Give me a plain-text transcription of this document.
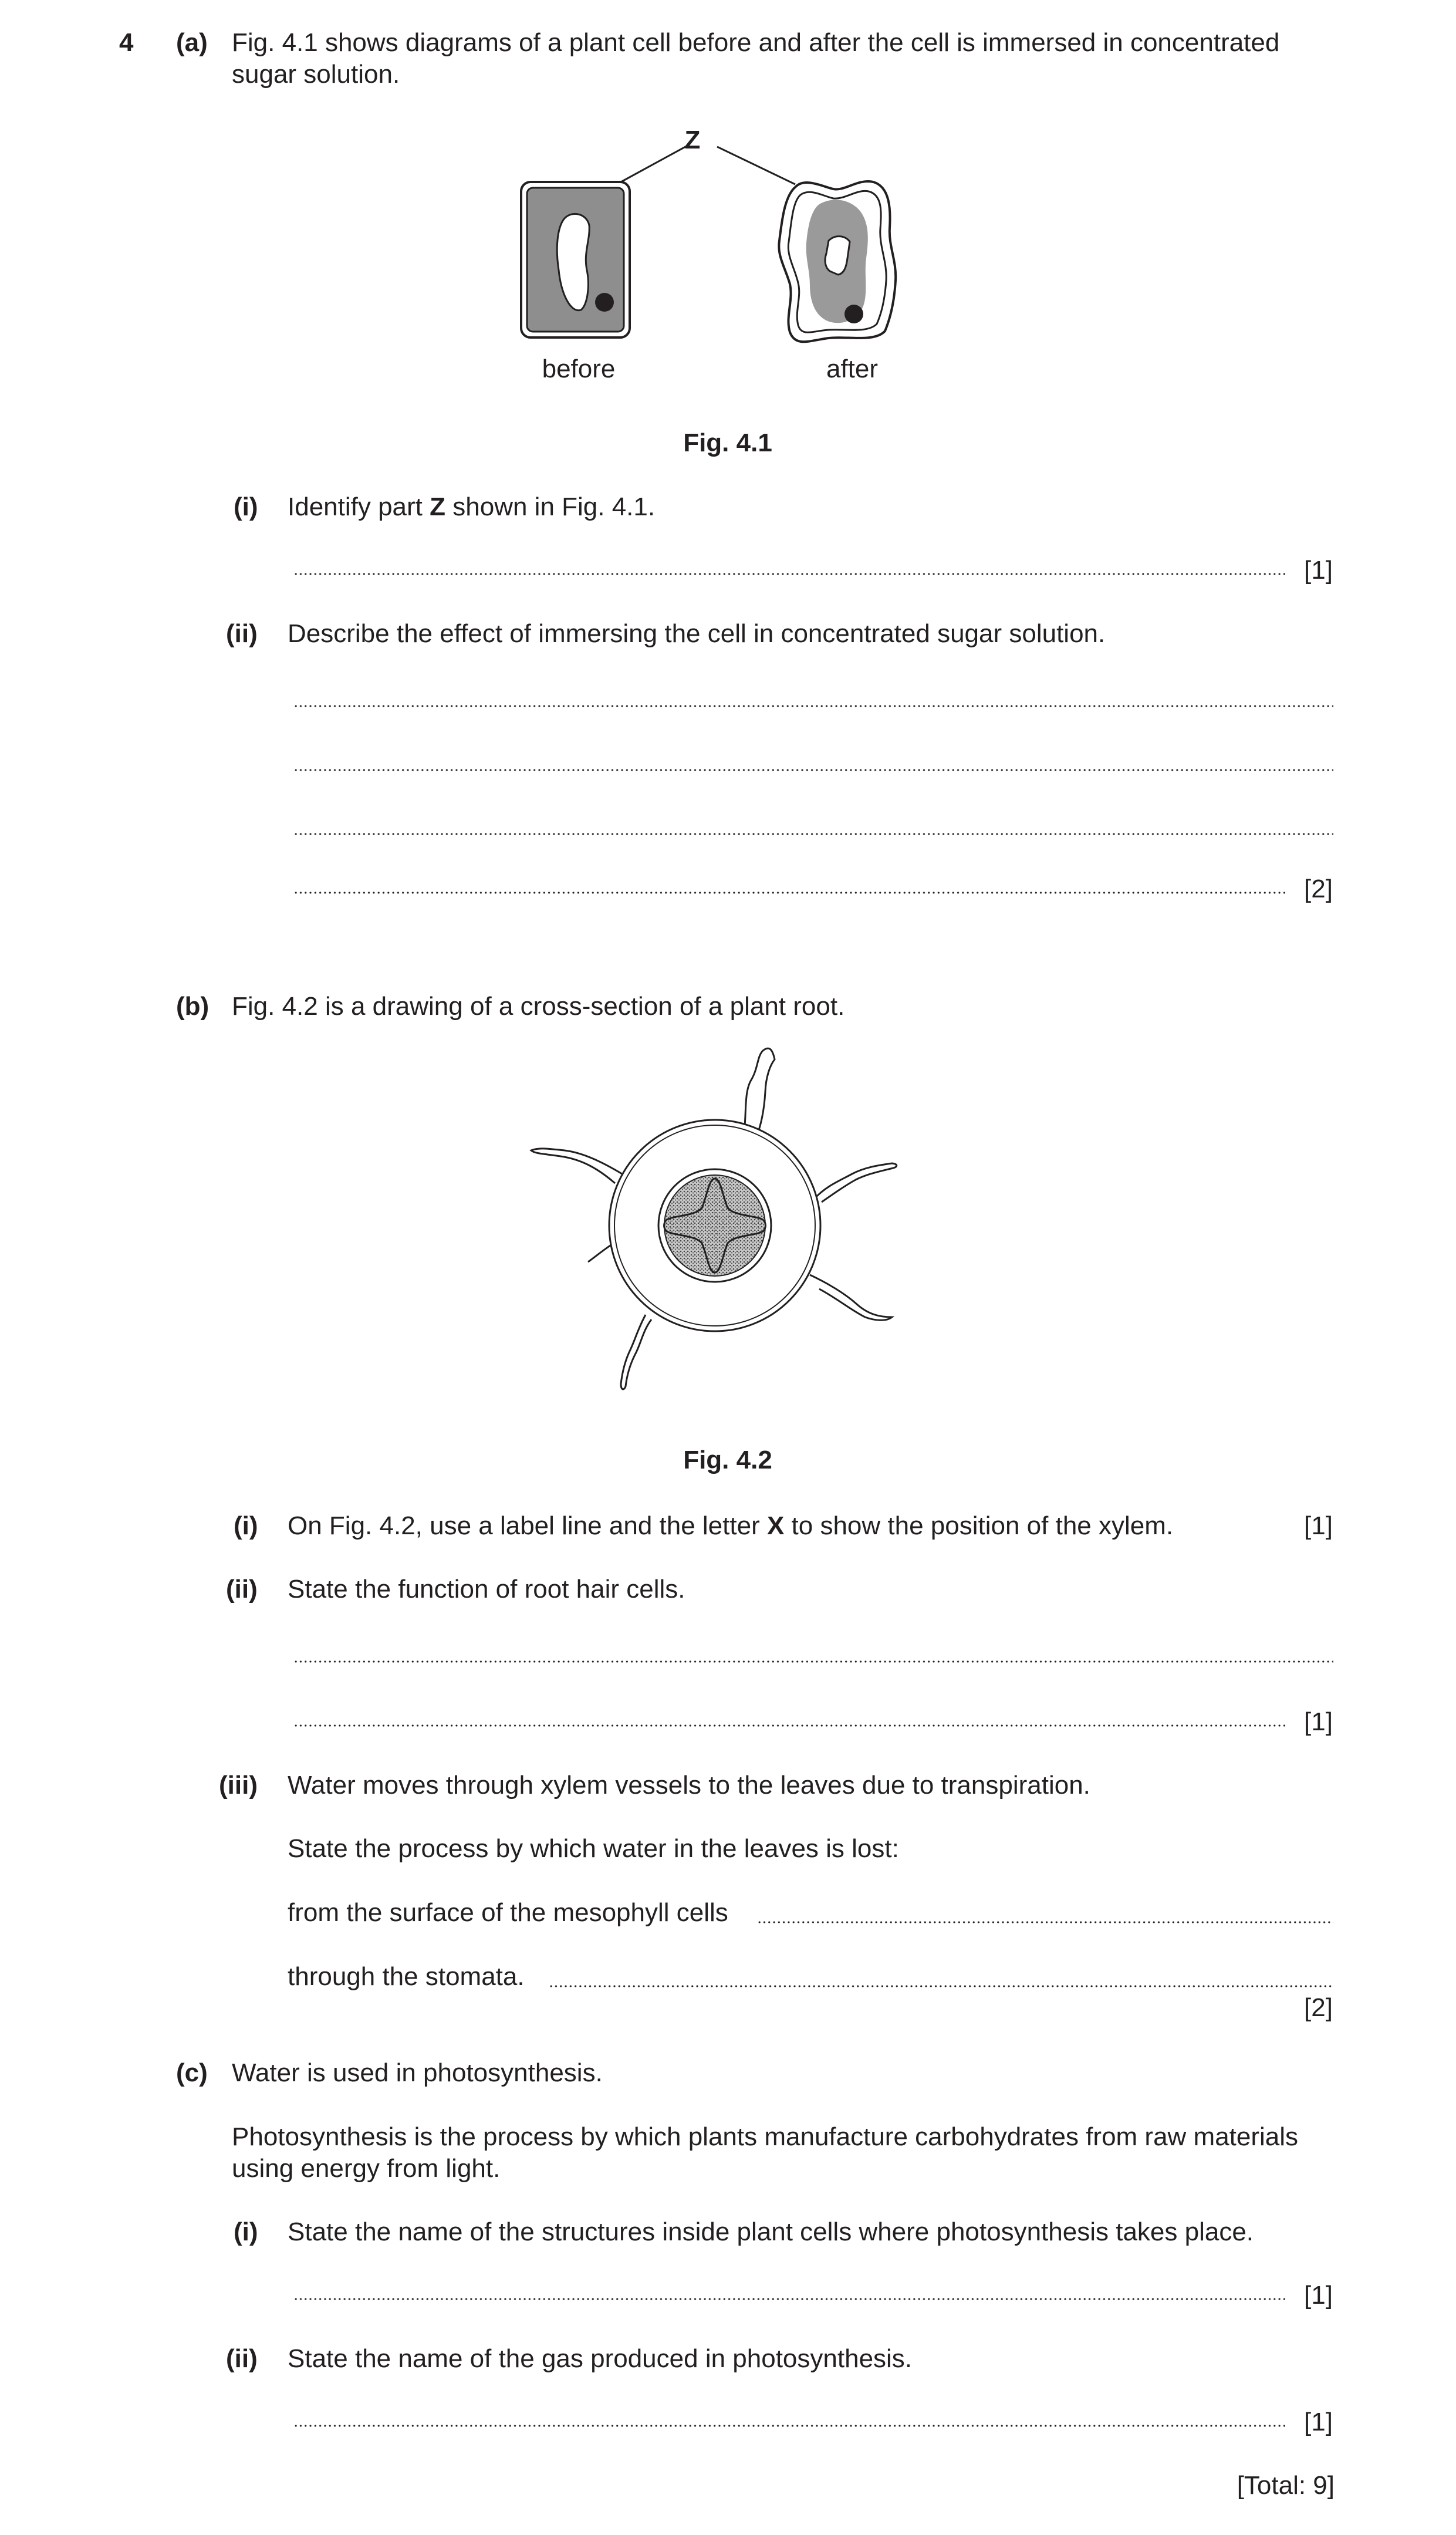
4 (a) Fig. 4.1 shows diagrams of a plant cell before and after the cell is immersed in concentrated
sugar solution.
Z
before	after
Fig. 4.1
(i) Identify part Z shown in Fig. 4.1.
[1]
(ii) Describe the effect of immersing the cell in concentrated sugar solution.
[2]
(b) Fig. 4.2 is a drawing of a cross-section of a plant root.
Fig. 4.2
(i) On Fig. 4.2, use a label line and the letter X to show the position of the xylem.	[1]
(ii) State the function of root hair cells.
[1]
(iii) Water moves through xylem vessels to the leaves due to transpiration.
State the process by which water in the leaves is lost:
from the surface of the mesophyll cells
through the stomata.
[2]
(c) Water is used in photosynthesis.
Photosynthesis is the process by which plants manufacture carbohydrates from raw materials
using energy from light.
(i) State the name of the structures inside plant cells where photosynthesis takes place.
[1]
(ii) State the name of the gas produced in photosynthesis.
[1]
[Total: 9]
